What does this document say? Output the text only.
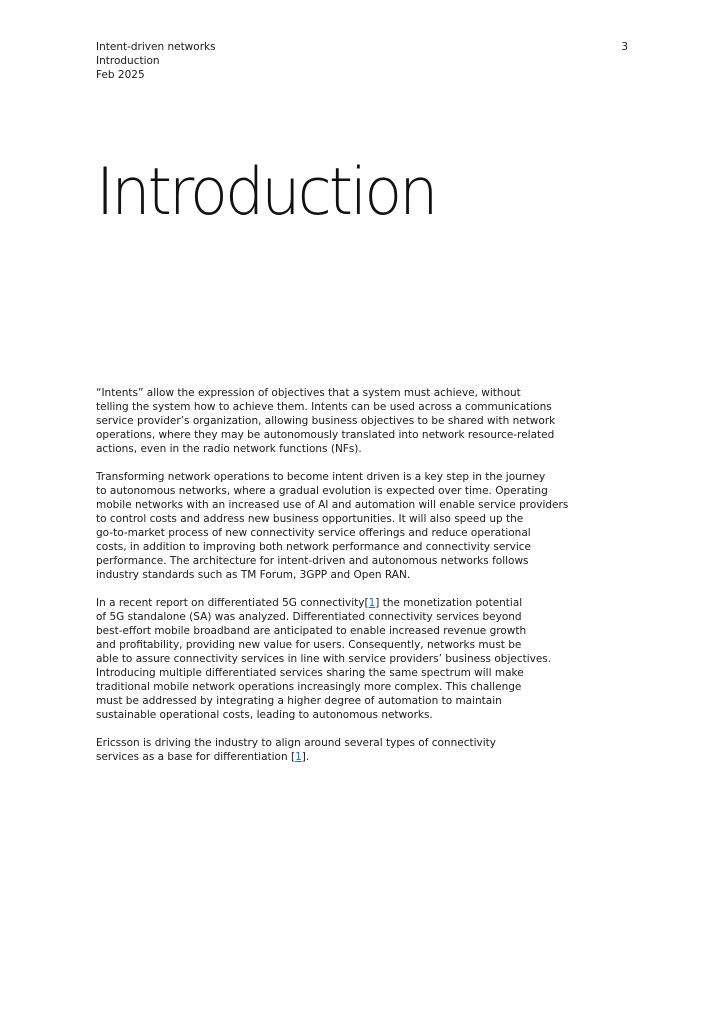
Intent-driven networks
Introduction
Feb 2025
3
Introduction

“Intents” allow the expression of objectives that a system must achieve, without
telling the system how to achieve them. Intents can be used across a communications
service provider’s organization, allowing business objectives to be shared with network
operations, where they may be autonomously translated into network resource-related
actions, even in the radio network functions (NFs).

Transforming network operations to become intent driven is a key step in the journey
to autonomous networks, where a gradual evolution is expected over time. Operating
mobile networks with an increased use of AI and automation will enable service providers
to control costs and address new business opportunities. It will also speed up the
go-to-market process of new connectivity service offerings and reduce operational
costs, in addition to improving both network performance and connectivity service
performance. The architecture for intent-driven and autonomous networks follows
industry standards such as TM Forum, 3GPP and Open RAN.

In a recent report on differentiated 5G connectivity[1] the monetization potential
of 5G standalone (SA) was analyzed. Differentiated connectivity services beyond
best-effort mobile broadband are anticipated to enable increased revenue growth
and profitability, providing new value for users. Consequently, networks must be
able to assure connectivity services in line with service providers’ business objectives.
Introducing multiple differentiated services sharing the same spectrum will make
traditional mobile network operations increasingly more complex. This challenge
must be addressed by integrating a higher degree of automation to maintain
sustainable operational costs, leading to autonomous networks.

Ericsson is driving the industry to align around several types of connectivity
services as a base for differentiation [1].
